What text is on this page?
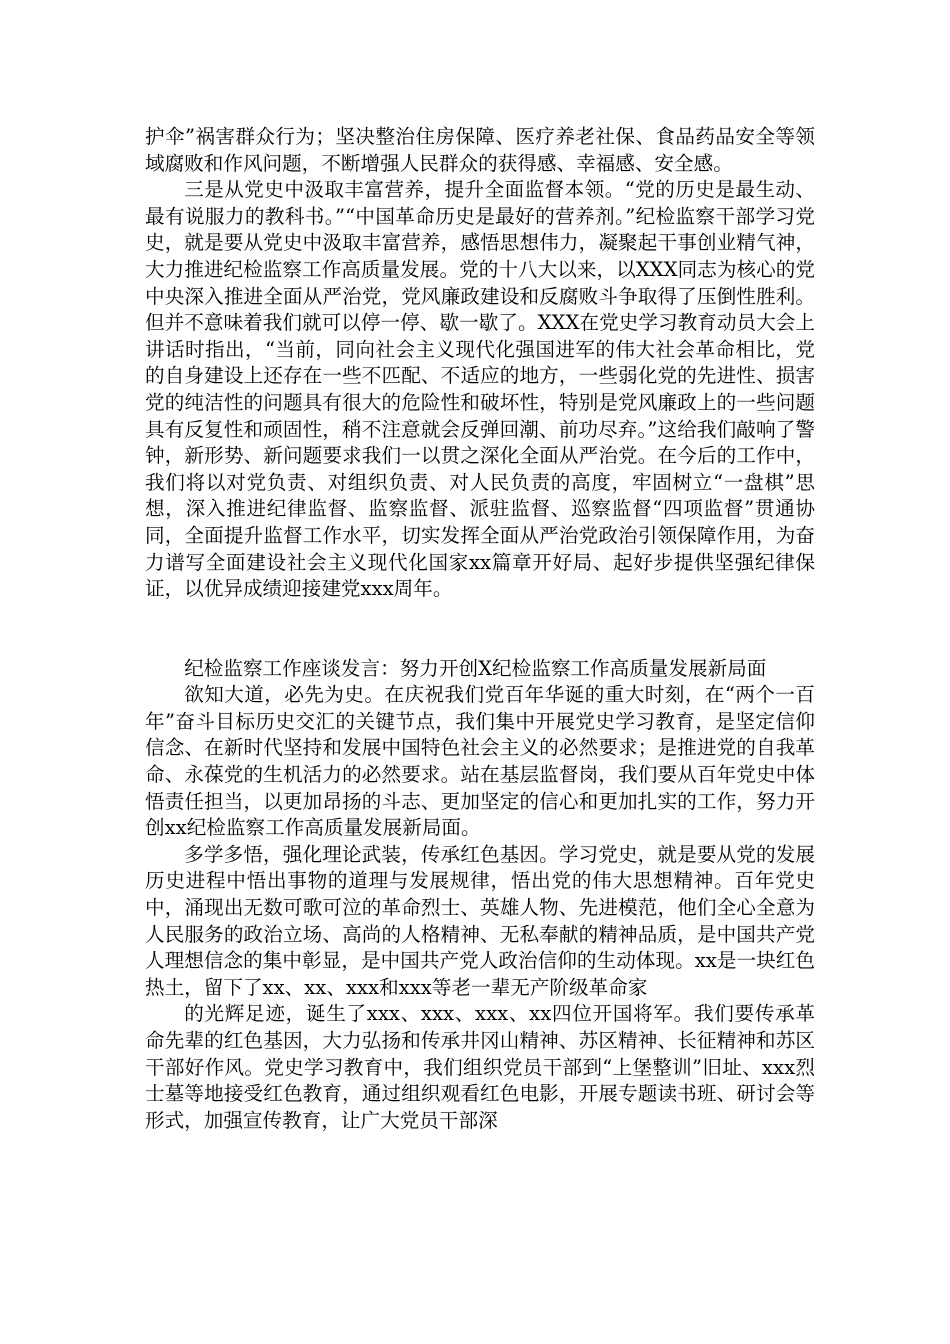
护伞”祸害群众行为；坚决整治住房保障、医疗养老社保、食品药品安全等领域腐败和作风问题，不断增强人民群众的获得感、幸福感、安全感。

三是从党史中汲取丰富营养，提升全面监督本领。“党的历史是最生动、最有说服力的教科书。”“中国革命历史是最好的营养剂。”纪检监察干部学习党史，就是要从党史中汲取丰富营养，感悟思想伟力，凝聚起干事创业精气神，大力推进纪检监察工作高质量发展。党的十八大以来，以XXX同志为核心的党中央深入推进全面从严治党，党风廉政建设和反腐败斗争取得了压倒性胜利。但并不意味着我们就可以停一停、歇一歇了。XXX在党史学习教育动员大会上讲话时指出，“当前，同向社会主义现代化强国进军的伟大社会革命相比，党的自身建设上还存在一些不匹配、不适应的地方，一些弱化党的先进性、损害党的纯洁性的问题具有很大的危险性和破坏性，特别是党风廉政上的一些问题具有反复性和顽固性，稍不注意就会反弹回潮、前功尽弃。”这给我们敲响了警钟，新形势、新问题要求我们一以贯之深化全面从严治党。在今后的工作中，我们将以对党负责、对组织负责、对人民负责的高度，牢固树立“一盘棋”思想，深入推进纪律监督、监察监督、派驻监督、巡察监督“四项监督”贯通协同，全面提升监督工作水平，切实发挥全面从严治党政治引领保障作用，为奋力谱写全面建设社会主义现代化国家xx篇章开好局、起好步提供坚强纪律保证，以优异成绩迎接建党xxx周年。

纪检监察工作座谈发言：努力开创X纪检监察工作高质量发展新局面

欲知大道，必先为史。在庆祝我们党百年华诞的重大时刻，在“两个一百年”奋斗目标历史交汇的关键节点，我们集中开展党史学习教育，是坚定信仰信念、在新时代坚持和发展中国特色社会主义的必然要求；是推进党的自我革命、永葆党的生机活力的必然要求。站在基层监督岗，我们要从百年党史中体悟责任担当，以更加昂扬的斗志、更加坚定的信心和更加扎实的工作，努力开创xx纪检监察工作高质量发展新局面。

多学多悟，强化理论武装，传承红色基因。学习党史，就是要从党的发展历史进程中悟出事物的道理与发展规律，悟出党的伟大思想精神。百年党史中，涌现出无数可歌可泣的革命烈士、英雄人物、先进模范，他们全心全意为人民服务的政治立场、高尚的人格精神、无私奉献的精神品质，是中国共产党人理想信念的集中彰显，是中国共产党人政治信仰的生动体现。xx是一块红色热土，留下了xx、xx、xxx和xxx等老一辈无产阶级革命家

的光辉足迹，诞生了xxx、xxx、xxx、xx四位开国将军。我们要传承革命先辈的红色基因，大力弘扬和传承井冈山精神、苏区精神、长征精神和苏区干部好作风。党史学习教育中，我们组织党员干部到“上堡整训”旧址、xxx烈士墓等地接受红色教育，通过组织观看红色电影，开展专题读书班、研讨会等形式，加强宣传教育，让广大党员干部深
